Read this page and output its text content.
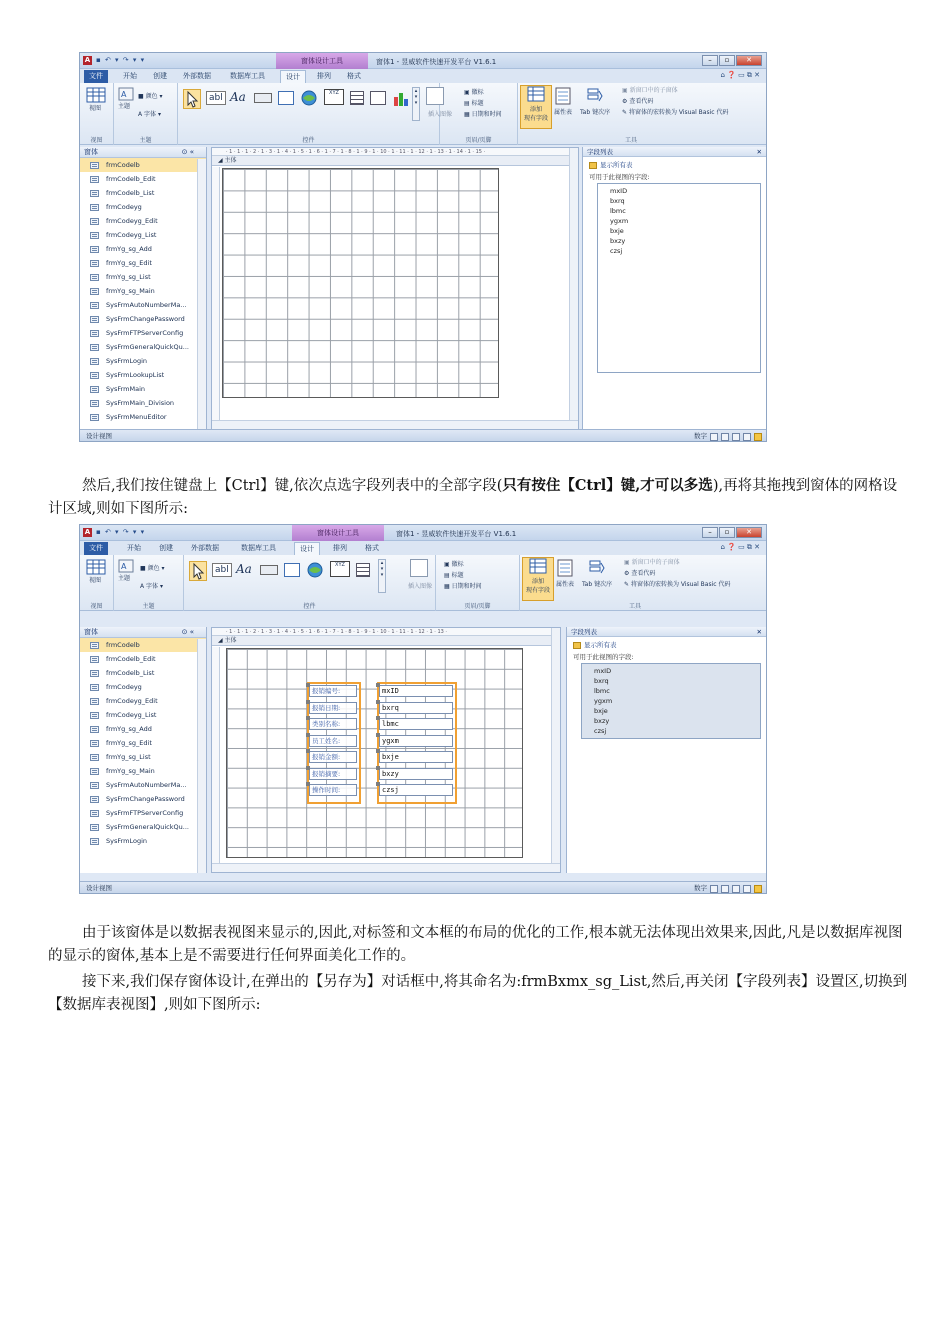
A ▪ ↶ ▾ ↷ ▾ ▾	窗体设计工具	窗体1 - 昱威软件快速开发平台 V1.6.1	–	▫	✕
文件	开始	创建	外部数据	数据库工具	设计	排列	格式	⌂ ❓ ▭ ⧉ ✕
视图
视图
A
主题
■ 颜色 ▾
A 字体 ▾
主题
abl Aa	XYZ	▴
▾
▾
控件
插入图像
▣ 徽标
▤ 标题
▦ 日期和时间
页眉/页脚
添加
现有字段
属性表 Tab 键次序
▣ 新窗口中的子窗体
⚙ 查看代码
✎ 将窗体的宏转换为 Visual Basic 代码
工具
窗体	⊙ «
frmCodelb
frmCodelb_Edit
frmCodelb_List
frmCodeyg
frmCodeyg_Edit
frmCodeyg_List
frmYg_sg_Add
frmYg_sg_Edit
frmYg_sg_List
frmYg_sg_Main
SysFrmAutoNumberMa...
SysFrmChangePassword
SysFrmFTPServerConfig
SysFrmGeneralQuickQu...
SysFrmLogin
SysFrmLookupList
SysFrmMain
SysFrmMain_Division
SysFrmMenuEditor
· 1 · 1 · 1 · 2 · 1 · 3 · 1 · 4 · 1 · 5 · 1 · 6 · 1 · 7 · 1 · 8 · 1 · 9 · 1 · 10 · 1 · 11 · 1 · 12 · 1 · 13 · 1 · 14 · 1 · 15 ·
◢ 主体
字段列表	✕
显示所有表
可用于此视图的字段:
mxID
bxrq
lbmc
ygxm
bxje
bxzy
czsj
设计视图	数字
然后,我们按住键盘上【Ctrl】键,依次点选字段列表中的全部字段(只有按住【Ctrl】键,才可以多选),再将其拖拽到窗体的网格设计区域,则如下图所示:
A ▪ ↶ ▾ ↷ ▾ ▾	窗体设计工具	窗体1 - 昱威软件快速开发平台 V1.6.1	–	▫	✕
文件	开始	创建	外部数据	数据库工具	设计	排列	格式	⌂ ❓ ▭ ⧉ ✕
视图
视图
A
主题
■ 颜色 ▾
A 字体 ▾
主题
abl Aa	XYZ	▴
▾
▾
控件
插入图像
▣ 徽标
▤ 标题
▦ 日期和时间
页眉/页脚
添加
现有字段
属性表 Tab 键次序
▣ 新窗口中的子窗体
⚙ 查看代码
✎ 将窗体的宏转换为 Visual Basic 代码
工具
窗体	⊙ «
frmCodelb
frmCodelb_Edit
frmCodelb_List
frmCodeyg
frmCodeyg_Edit
frmCodeyg_List
frmYg_sg_Add
frmYg_sg_Edit
frmYg_sg_List
frmYg_sg_Main
SysFrmAutoNumberMa...
SysFrmChangePassword
SysFrmFTPServerConfig
SysFrmGeneralQuickQu...
SysFrmLogin
· 1 · 1 · 1 · 2 · 1 · 3 · 1 · 4 · 1 · 5 · 1 · 6 · 1 · 7 · 1 · 8 · 1 · 9 · 1 · 10 · 1 · 11 · 1 · 12 · 1 · 13 ·
◢ 主体
报销编号:	mxID
报销日期:	bxrq
类别名称:	lbmc
员工姓名:	ygxm
报销金额:	bxje
报销摘要:	bxzy
操作时间:	czsj
字段列表	✕
显示所有表
可用于此视图的字段:
mxID
bxrq
lbmc
ygxm
bxje
bxzy
czsj
设计视图	数字
由于该窗体是以数据表视图来显示的,因此,对标签和文本框的布局的优化的工作,根本就无法体现出效果来,因此,凡是以数据库视图的显示的窗体,基本上是不需要进行任何界面美化工作的。
接下来,我们保存窗体设计,在弹出的【另存为】对话框中,将其命名为:frmBxmx_sg_List,然后,再关闭【字段列表】设置区,切换到【数据库表视图】,则如下图所示:
